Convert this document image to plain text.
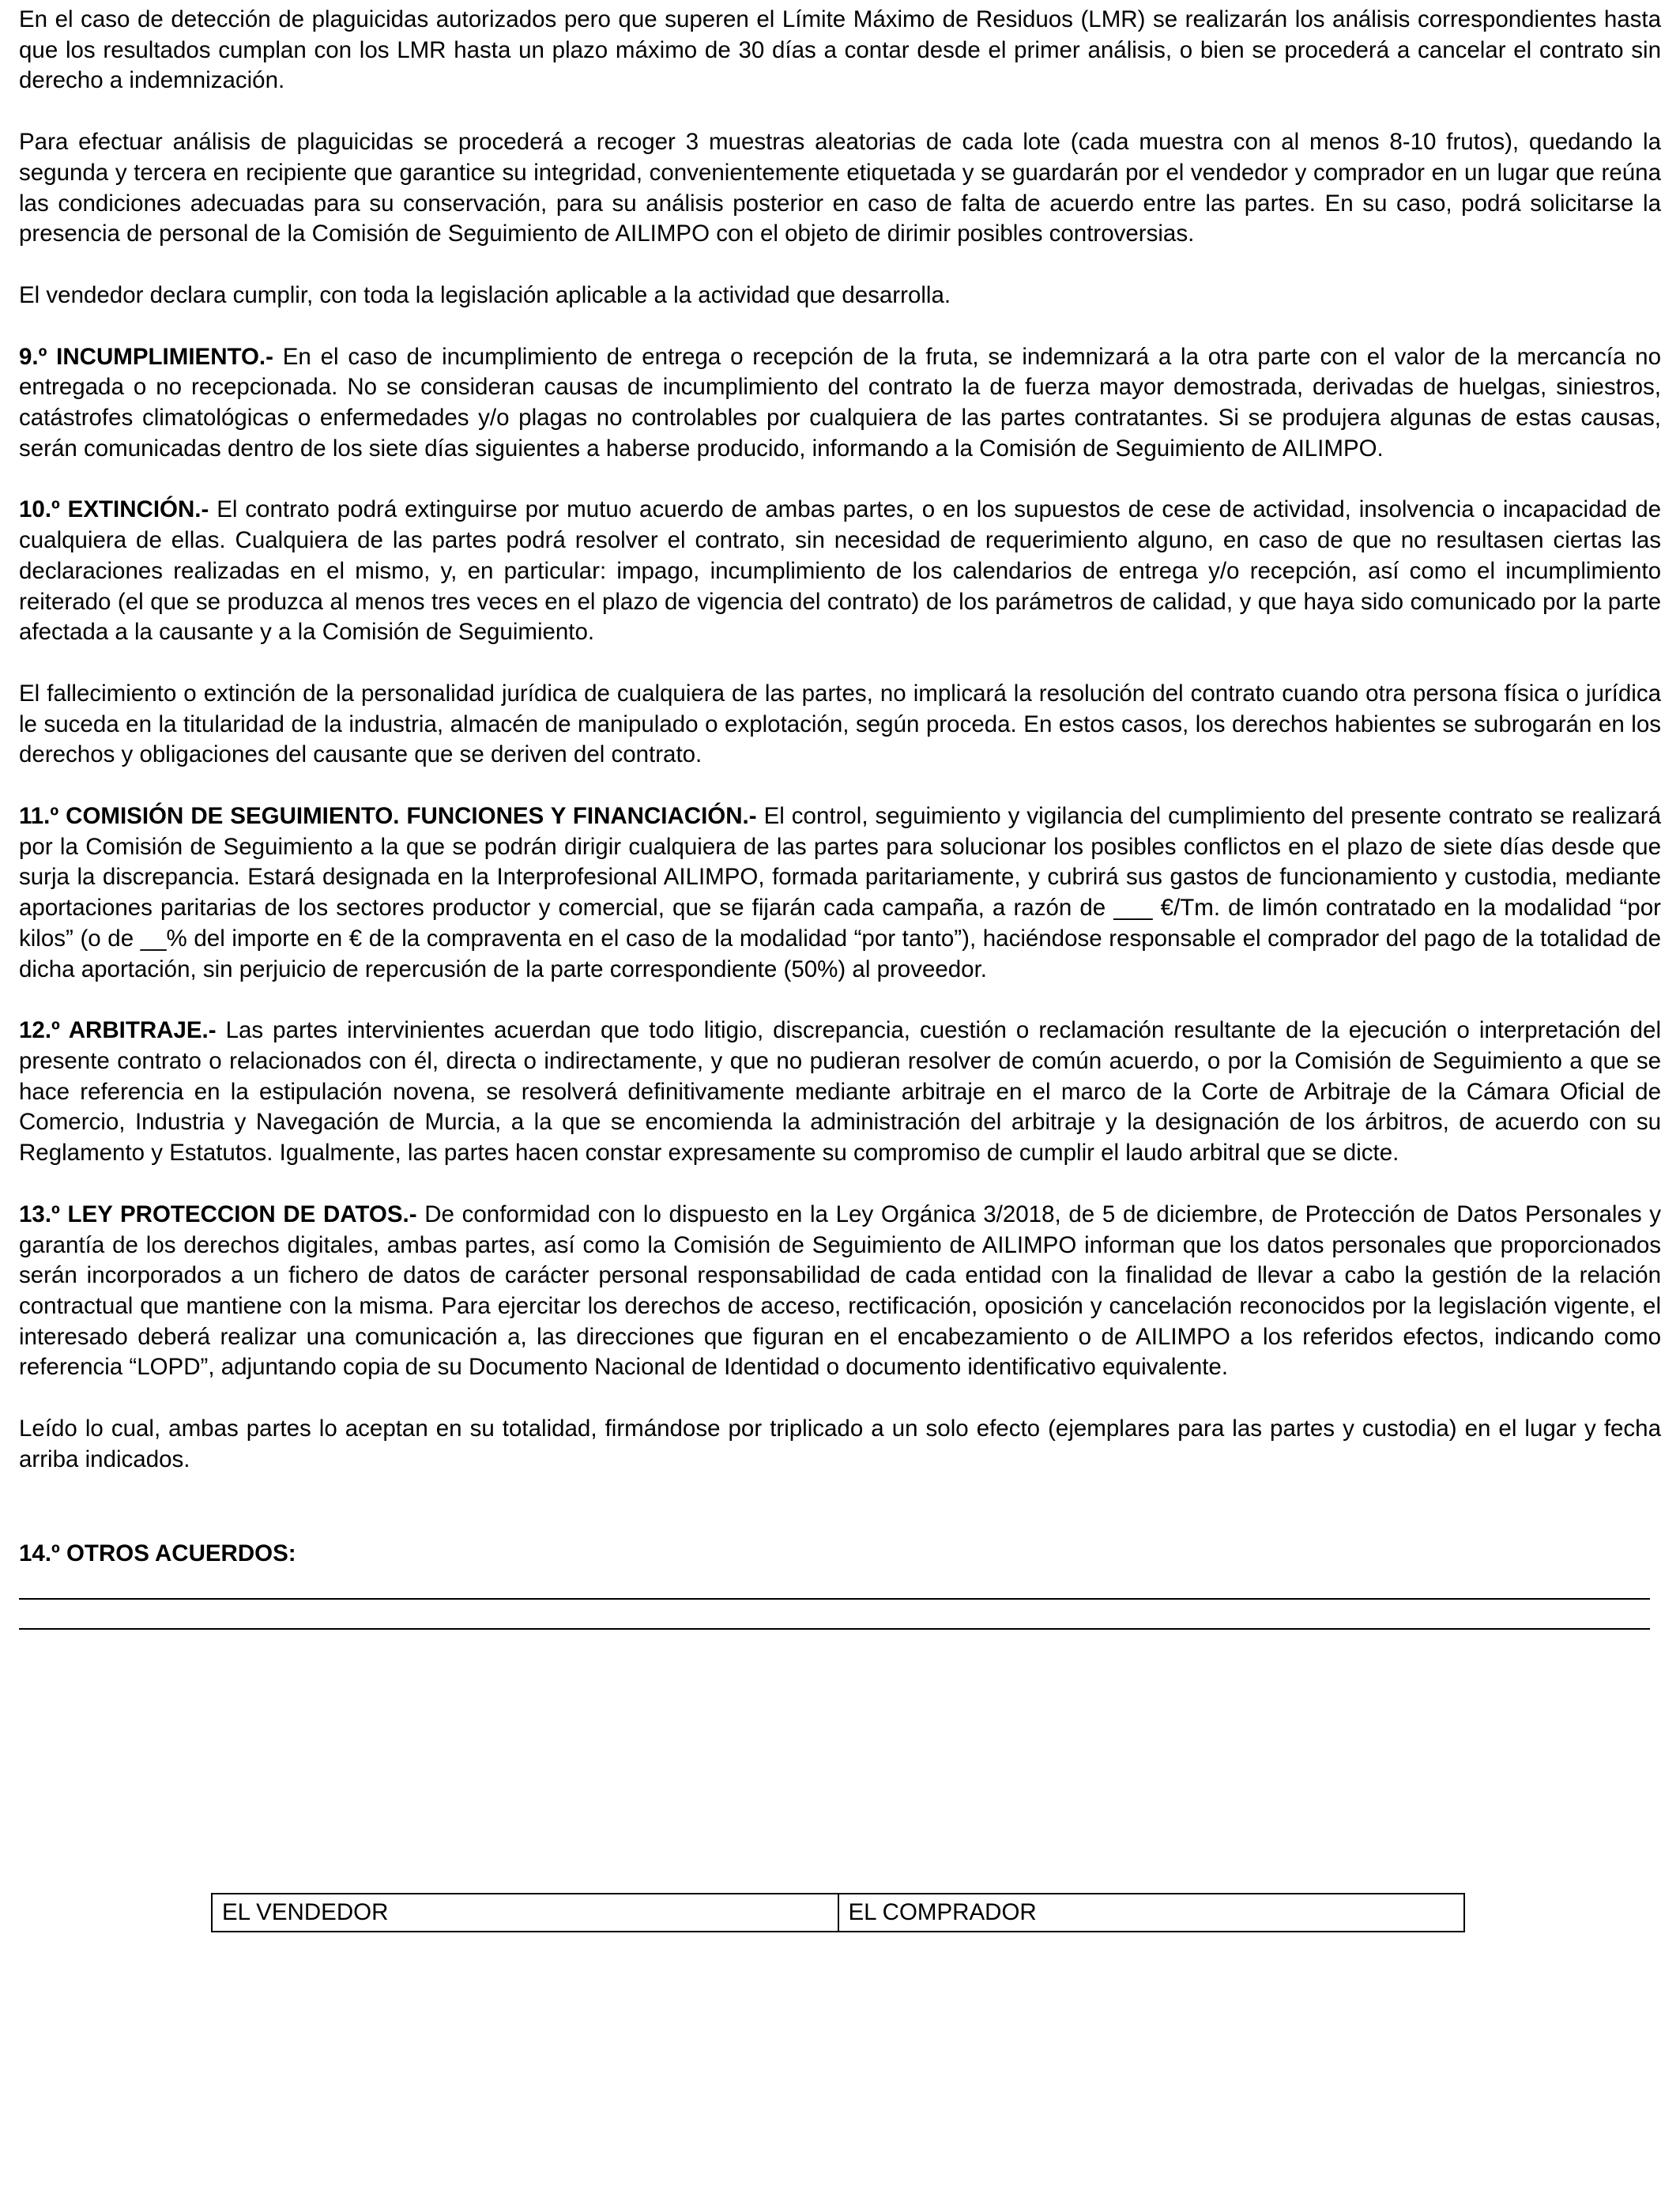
En el caso de detección de plaguicidas autorizados pero que superen el Límite Máximo de Residuos (LMR) se realizarán los análisis correspondientes hasta que los resultados cumplan con los LMR hasta un plazo máximo de 30 días a contar desde el primer análisis, o bien se procederá a cancelar el contrato sin derecho a indemnización.

Para efectuar análisis de plaguicidas se procederá a recoger 3 muestras aleatorias de cada lote (cada muestra con al menos 8-10 frutos), quedando la segunda y tercera en recipiente que garantice su integridad, convenientemente etiquetada y se guardarán por el vendedor y comprador en un lugar que reúna las condiciones adecuadas para su conservación, para su análisis posterior en caso de falta de acuerdo entre las partes. En su caso, podrá solicitarse la presencia de personal de la Comisión de Seguimiento de AILIMPO con el objeto de dirimir posibles controversias.

El vendedor declara cumplir, con toda la legislación aplicable a la actividad que desarrolla.

9.º INCUMPLIMIENTO.- En el caso de incumplimiento de entrega o recepción de la fruta, se indemnizará a la otra parte con el valor de la mercancía no entregada o no recepcionada. No se consideran causas de incumplimiento del contrato la de fuerza mayor demostrada, derivadas de huelgas, siniestros, catástrofes climatológicas o enfermedades y/o plagas no controlables por cualquiera de las partes contratantes. Si se produjera algunas de estas causas, serán comunicadas dentro de los siete días siguientes a haberse producido, informando a la Comisión de Seguimiento de AILIMPO.

10.º EXTINCIÓN.- El contrato podrá extinguirse por mutuo acuerdo de ambas partes, o en los supuestos de cese de actividad, insolvencia o incapacidad de cualquiera de ellas. Cualquiera de las partes podrá resolver el contrato, sin necesidad de requerimiento alguno, en caso de que no resultasen ciertas las declaraciones realizadas en el mismo, y, en particular: impago, incumplimiento de los calendarios de entrega y/o recepción, así como el incumplimiento reiterado (el que se produzca al menos tres veces en el plazo de vigencia del contrato) de los parámetros de calidad, y que haya sido comunicado por la parte afectada a la causante y a la Comisión de Seguimiento.

El fallecimiento o extinción de la personalidad jurídica de cualquiera de las partes, no implicará la resolución del contrato cuando otra persona física o jurídica le suceda en la titularidad de la industria, almacén de manipulado o explotación, según proceda. En estos casos, los derechos habientes se subrogarán en los derechos y obligaciones del causante que se deriven del contrato.

11.º COMISIÓN DE SEGUIMIENTO. FUNCIONES Y FINANCIACIÓN.- El control, seguimiento y vigilancia del cumplimiento del presente contrato se realizará por la Comisión de Seguimiento a la que se podrán dirigir cualquiera de las partes para solucionar los posibles conflictos en el plazo de siete días desde que surja la discrepancia. Estará designada en la Interprofesional AILIMPO, formada paritariamente, y cubrirá sus gastos de funcionamiento y custodia, mediante aportaciones paritarias de los sectores productor y comercial, que se fijarán cada campaña, a razón de ___ €/Tm. de limón contratado en la modalidad “por kilos” (o de __% del importe en € de la compraventa en el caso de la modalidad “por tanto”), haciéndose responsable el comprador del pago de la totalidad de dicha aportación, sin perjuicio de repercusión de la parte correspondiente (50%) al proveedor.

12.º ARBITRAJE.- Las partes intervinientes acuerdan que todo litigio, discrepancia, cuestión o reclamación resultante de la ejecución o interpretación del presente contrato o relacionados con él, directa o indirectamente, y que no pudieran resolver de común acuerdo, o por la Comisión de Seguimiento a que se hace referencia en la estipulación novena, se resolverá definitivamente mediante arbitraje en el marco de la Corte de Arbitraje de la Cámara Oficial de Comercio, Industria y Navegación de Murcia, a la que se encomienda la administración del arbitraje y la designación de los árbitros, de acuerdo con su Reglamento y Estatutos. Igualmente, las partes hacen constar expresamente su compromiso de cumplir el laudo arbitral que se dicte.

13.º LEY PROTECCION DE DATOS.- De conformidad con lo dispuesto en la Ley Orgánica 3/2018, de 5 de diciembre, de Protección de Datos Personales y garantía de los derechos digitales, ambas partes, así como la Comisión de Seguimiento de AILIMPO informan que los datos personales que proporcionados serán incorporados a un fichero de datos de carácter personal responsabilidad de cada entidad con la finalidad de llevar a cabo la gestión de la relación contractual que mantiene con la misma. Para ejercitar los derechos de acceso, rectificación, oposición y cancelación reconocidos por la legislación vigente, el interesado deberá realizar una comunicación a, las direcciones que figuran en el encabezamiento o de AILIMPO a los referidos efectos, indicando como referencia “LOPD”, adjuntando copia de su Documento Nacional de Identidad o documento identificativo equivalente.

Leído lo cual, ambas partes lo aceptan en su totalidad, firmándose por triplicado a un solo efecto (ejemplares para las partes y custodia) en el lugar y fecha arriba indicados.

14.º OTROS ACUERDOS:

EL VENDEDOR	EL COMPRADOR
